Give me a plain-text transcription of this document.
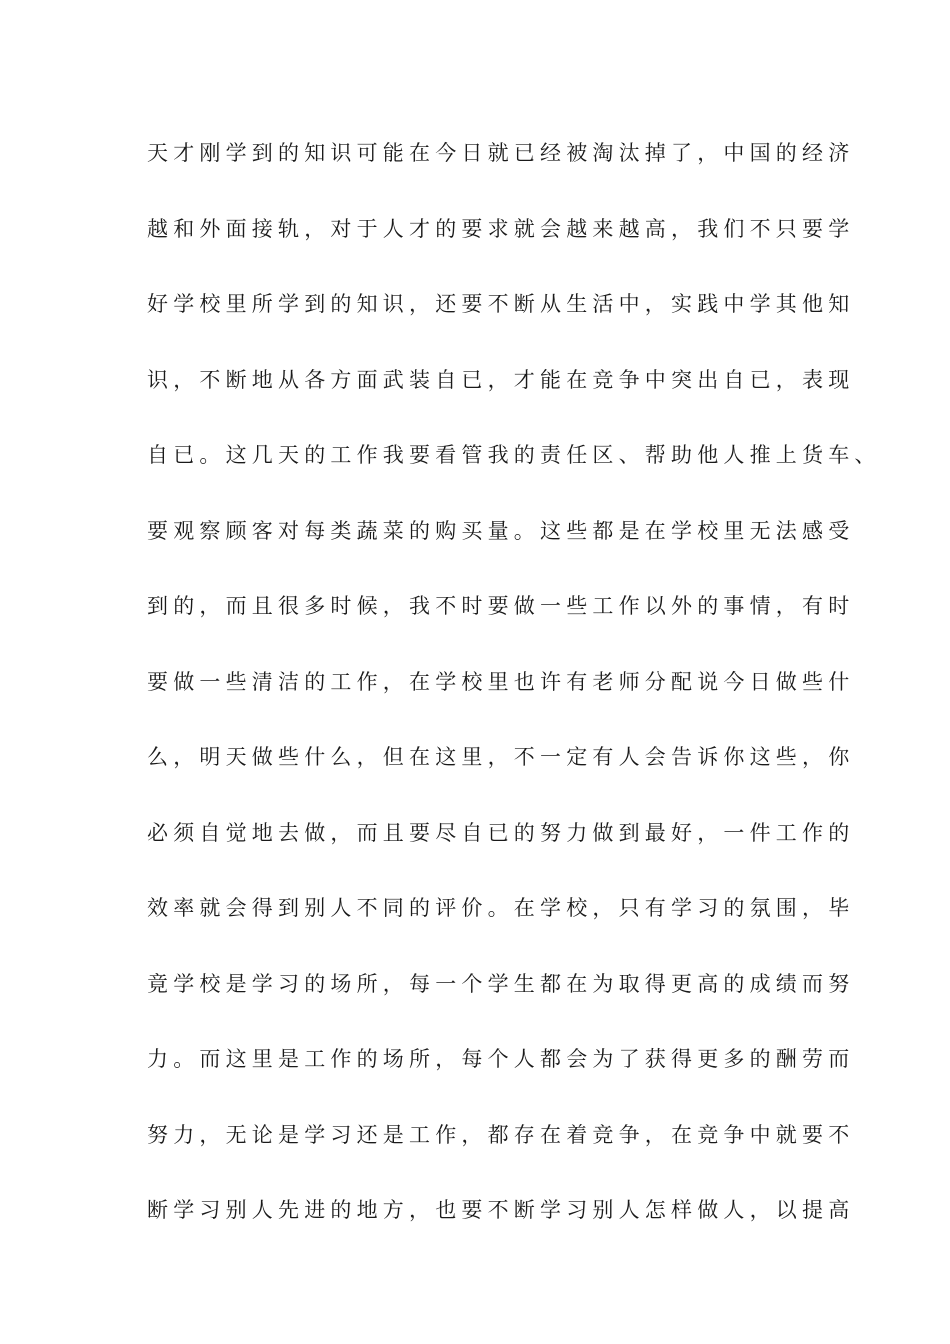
天才刚学到的知识可能在今日就已经被淘汰掉了，中国的经济
越和外面接轨，对于人才的要求就会越来越高，我们不只要学
好学校里所学到的知识，还要不断从生活中，实践中学其他知
识，不断地从各方面武装自已，才能在竞争中突出自已，表现
自已。这几天的工作我要看管我的责任区、帮助他人推上货车、
要观察顾客对每类蔬菜的购买量。这些都是在学校里无法感受
到的，而且很多时候，我不时要做一些工作以外的事情，有时
要做一些清洁的工作，在学校里也许有老师分配说今日做些什
么，明天做些什么，但在这里，不一定有人会告诉你这些，你
必须自觉地去做，而且要尽自已的努力做到最好，一件工作的
效率就会得到别人不同的评价。在学校，只有学习的氛围，毕
竟学校是学习的场所，每一个学生都在为取得更高的成绩而努
力。而这里是工作的场所，每个人都会为了获得更多的酬劳而
努力，无论是学习还是工作，都存在着竞争，在竞争中就要不
断学习别人先进的地方，也要不断学习别人怎样做人，以提高
